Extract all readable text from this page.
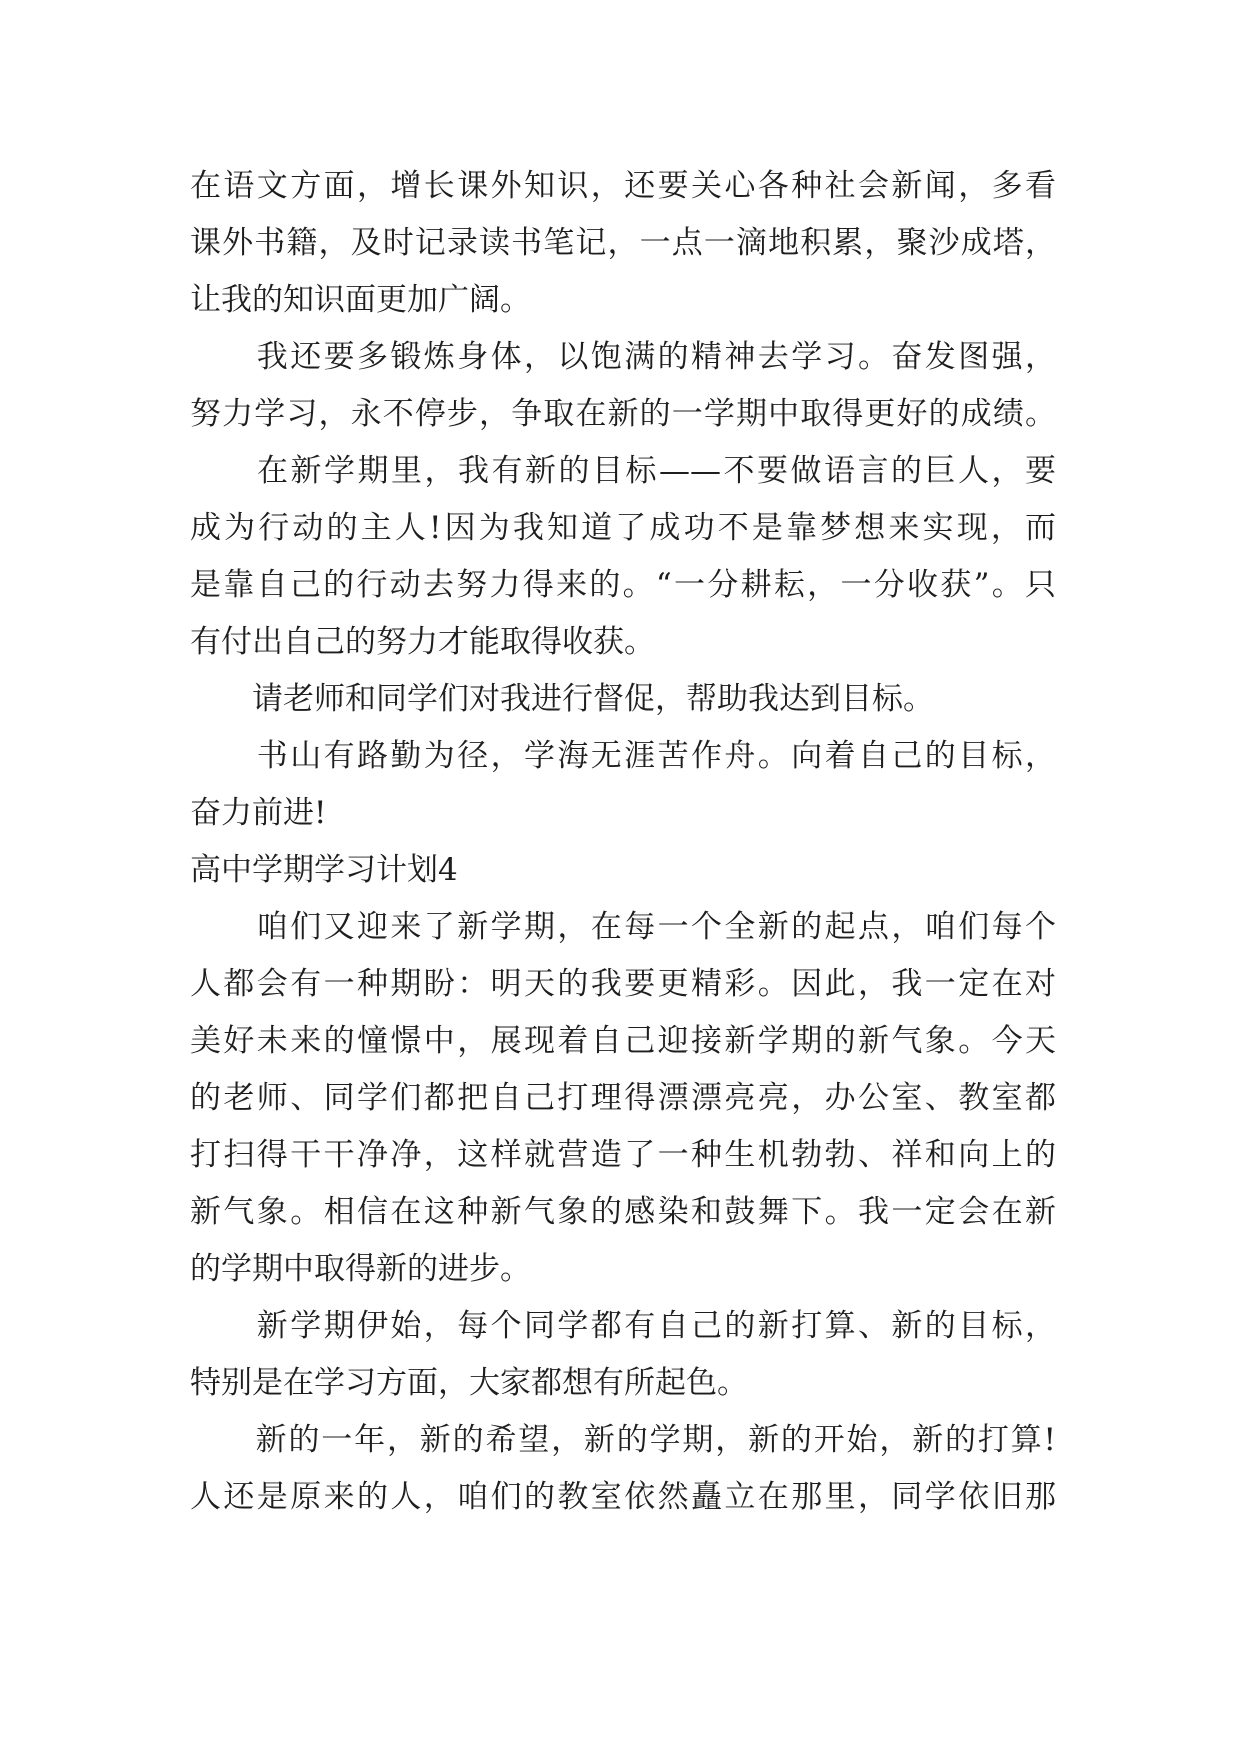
在语文方面，增长课外知识，还要关心各种社会新闻，多看
课外书籍，及时记录读书笔记，一点一滴地积累，聚沙成塔，
让我的知识面更加广阔。
　　我还要多锻炼身体，以饱满的精神去学习。奋发图强，
努力学习，永不停步，争取在新的一学期中取得更好的成绩。
　　在新学期里，我有新的目标——不要做语言的巨人，要
成为行动的主人!因为我知道了成功不是靠梦想来实现，而
是靠自己的行动去努力得来的。“一分耕耘，一分收获”。只
有付出自己的努力才能取得收获。
　　请老师和同学们对我进行督促，帮助我达到目标。
　　书山有路勤为径，学海无涯苦作舟。向着自己的目标，
奋力前进!
高中学期学习计划4
　　咱们又迎来了新学期，在每一个全新的起点，咱们每个
人都会有一种期盼：明天的我要更精彩。因此，我一定在对
美好未来的憧憬中，展现着自己迎接新学期的新气象。今天
的老师、同学们都把自己打理得漂漂亮亮，办公室、教室都
打扫得干干净净，这样就营造了一种生机勃勃、祥和向上的
新气象。相信在这种新气象的感染和鼓舞下。我一定会在新
的学期中取得新的进步。
　　新学期伊始，每个同学都有自己的新打算、新的目标，
特别是在学习方面，大家都想有所起色。
　　新的一年，新的希望，新的学期，新的开始，新的打算!
人还是原来的人，咱们的教室依然矗立在那里，同学依旧那
